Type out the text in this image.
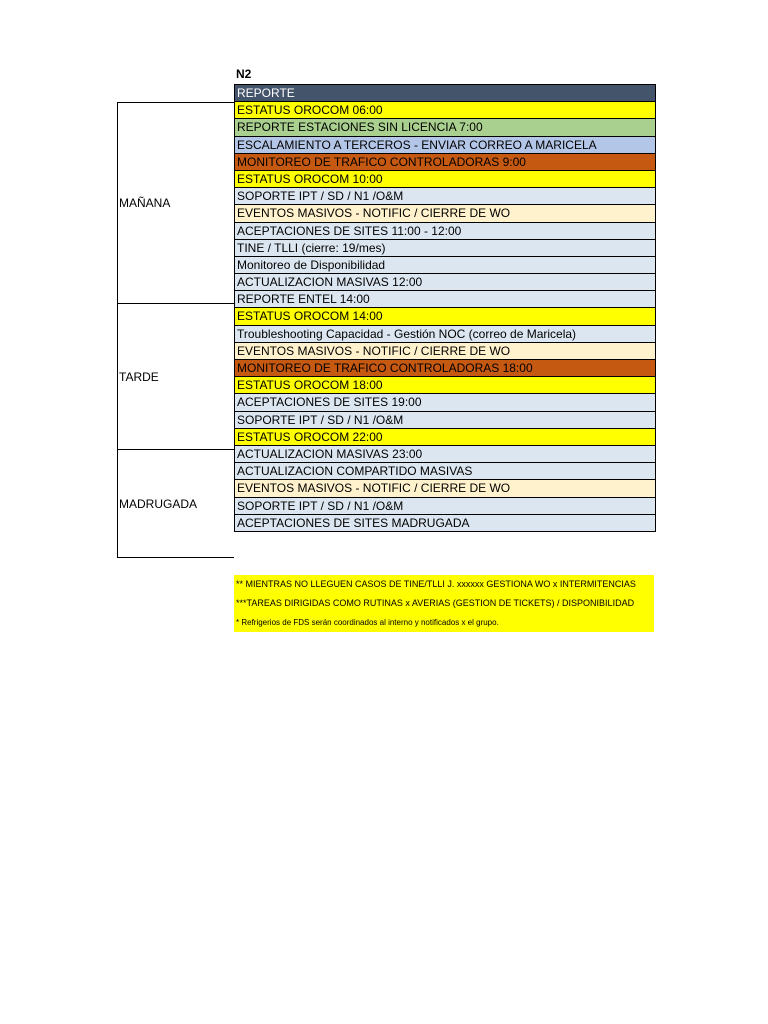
N2
REPORTE
ESTATUS OROCOM 06:00
REPORTE ESTACIONES SIN LICENCIA 7:00
ESCALAMIENTO A TERCEROS - ENVIAR CORREO A MARICELA
MONITOREO DE TRAFICO CONTROLADORAS 9:00
ESTATUS OROCOM 10:00
SOPORTE IPT / SD / N1 /O&M
EVENTOS MASIVOS - NOTIFIC / CIERRE DE WO
ACEPTACIONES DE SITES 11:00 - 12:00
TINE / TLLI (cierre: 19/mes)
Monitoreo de Disponibilidad
ACTUALIZACION MASIVAS 12:00
REPORTE ENTEL 14:00
ESTATUS OROCOM 14:00
Troubleshooting Capacidad - Gestión NOC (correo de Maricela)
EVENTOS MASIVOS - NOTIFIC / CIERRE DE WO
MONITOREO DE TRAFICO CONTROLADORAS 18:00
ESTATUS OROCOM 18:00
ACEPTACIONES DE SITES 19:00
SOPORTE IPT / SD / N1 /O&M
ESTATUS OROCOM 22:00
ACTUALIZACION MASIVAS 23:00
ACTUALIZACION COMPARTIDO MASIVAS
EVENTOS MASIVOS - NOTIFIC / CIERRE DE WO
SOPORTE IPT / SD / N1 /O&M
ACEPTACIONES DE SITES MADRUGADA
MAÑANA
TARDE
MADRUGADA
** MIENTRAS NO LLEGUEN CASOS DE TINE/TLLI J. xxxxxx GESTIONA WO x INTERMITENCIAS
***TAREAS DIRIGIDAS COMO RUTINAS x AVERIAS (GESTION DE TICKETS) / DISPONIBILIDAD
* Refrigerios de FDS serán coordinados al interno y notificados x el grupo.
